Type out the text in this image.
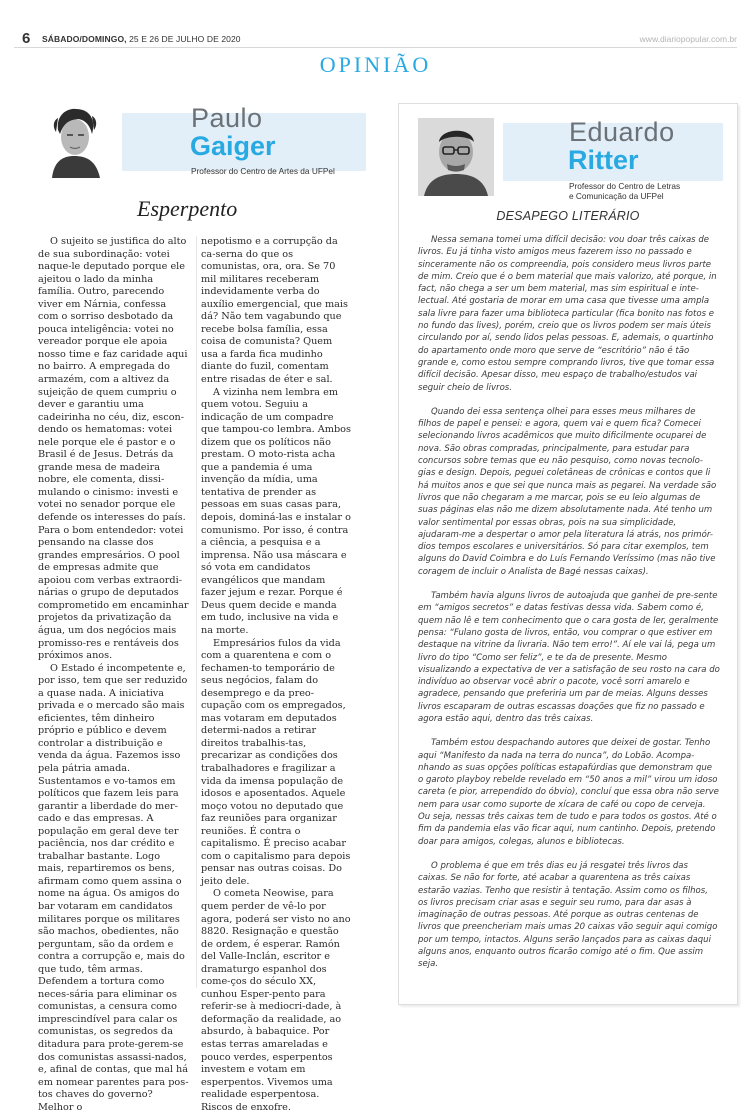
6 SÁBADO/DOMINGO, 25 E 26 DE JULHO DE 2020	www.diariopopular.com.br
OPINIÃO
Paulo
Gaiger
Professor do Centro de Artes da UFPel
Esperpento

O sujeito se justifica do alto de sua subordinação: votei naque-le deputado porque ele ajeitou o lado da minha família. Outro, parecendo viver em Nárnia, confessa com o sorriso desbotado da pouca inteligência: votei no vereador porque ele apoia nosso time e faz caridade aqui no bairro. A empregada do armazém, com a altivez da sujeição de quem cumpriu o dever e garantiu uma cadeirinha no céu, diz, escon-dendo os hematomas: votei nele porque ele é pastor e o Brasil é de Jesus. Detrás da grande mesa de madeira nobre, ele comenta, dissi-mulando o cinismo: investi e votei no senador porque ele defende os interesses do país. Para o bom entendedor: votei pensando na classe dos grandes empresários. O pool de empresas admite que apoiou com verbas extraordi-nárias o grupo de deputados comprometido em encaminhar projetos da privatização da água, um dos negócios mais promisso-res e rentáveis dos próximos anos.

O Estado é incompetente e, por isso, tem que ser reduzido a quase nada. A iniciativa privada e o mercado são mais eficientes, têm dinheiro próprio e público e devem controlar a distribuição e venda da água. Fazemos isso pela pátria amada. Sustentamos e vo-tamos em políticos que fazem leis para garantir a liberdade do mer-cado e das empresas. A população em geral deve ter paciência, nos dar crédito e trabalhar bastante. Logo mais, repartiremos os bens, afirmam como quem assina o nome na água. Os amigos do bar votaram em candidatos militares porque os militares são machos, obedientes, não perguntam, são da ordem e contra a corrupção e, mais do que tudo, têm armas. Defendem a tortura como neces-sária para eliminar os comunistas, a censura como imprescindível para calar os comunistas, os segredos da ditadura para prote-gerem-se dos comunistas assassi-nados, e, afinal de contas, que mal há em nomear parentes para pos-tos chaves do governo? Melhor o

nepotismo e a corrupção da ca-serna do que os comunistas, ora, ora. Se 70 mil militares receberam indevidamente verba do auxílio emergencial, que mais dá? Não tem vagabundo que recebe bolsa família, essa coisa de comunista? Quem usa a farda fica mudinho diante do fuzil, comentam entre risadas de éter e sal.

A vizinha nem lembra em quem votou. Seguiu a indicação de um compadre que tampou-co lembra. Ambos dizem que os políticos não prestam. O moto-rista acha que a pandemia é uma invenção da mídia, uma tentativa de prender as pessoas em suas casas para, depois, dominá-las e instalar o comunismo. Por isso, é contra a ciência, a pesquisa e a imprensa. Não usa máscara e só vota em candidatos evangélicos que mandam fazer jejum e rezar. Porque é Deus quem decide e manda em tudo, inclusive na vida e na morte.

Empresários fulos da vida com a quarentena e com o fechamen-to temporário de seus negócios, falam do desemprego e da preo-cupação com os empregados, mas votaram em deputados determi-nados a retirar direitos trabalhis-tas, precarizar as condições dos trabalhadores e fragilizar a vida da imensa população de idosos e aposentados. Aquele moço votou no deputado que faz reuniões para organizar reuniões. É contra o capitalismo. É preciso acabar com o capitalismo para depois pensar nas outras coisas. Do jeito dele.

O cometa Neowise, para quem perder de vê-lo por agora, poderá ser visto no ano 8820. Resignação e questão de ordem, é esperar. Ramón del Valle-Inclán, escritor e dramaturgo espanhol dos come-ços do século XX, cunhou Esper-pento para referir-se à mediocri-dade, à deformação da realidade, ao absurdo, à babaquice. Por estas terras amareladas e pouco verdes, esperpentos investem e votam em esperpentos. Vivemos uma realidade esperpentosa. Riscos de enxofre.

Eduardo
Ritter
Professor do Centro de Letras
e Comunicação da UFPel
DESAPEGO LITERÁRIO

Nessa semana tomei uma difícil decisão: vou doar três caixas de livros. Eu já tinha visto amigos meus fazerem isso no passado e sinceramente não os compreendia, pois considero meus livros parte de mim. Creio que é o bem material que mais valorizo, até porque, in fact, não chega a ser um bem material, mas sim espiritual e inte-lectual. Até gostaria de morar em uma casa que tivesse uma ampla sala livre para fazer uma biblioteca particular (fica bonito nas fotos e no fundo das lives), porém, creio que os livros podem ser mais úteis circulando por aí, sendo lidos pelas pessoas. E, ademais, o quartinho do apartamento onde moro que serve de “escritório” não é tão grande e, como estou sempre comprando livros, tive que tomar essa difícil decisão. Apesar disso, meu espaço de trabalho/estudos vai seguir cheio de livros.

Quando dei essa sentença olhei para esses meus milhares de filhos de papel e pensei: e agora, quem vai e quem fica? Comecei selecionando livros acadêmicos que muito dificilmente ocuparei de nova. São obras compradas, principalmente, para estudar para concursos sobre temas que eu não pesquiso, como novas tecnolo-gias e design. Depois, peguei coletâneas de crônicas e contos que li há muitos anos e que sei que nunca mais as pegarei. Na verdade são livros que não chegaram a me marcar, pois se eu leio algumas de suas páginas elas não me dizem absolutamente nada. Até tenho um valor sentimental por essas obras, pois na sua simplicidade, ajudaram-me a despertar o amor pela literatura lá atrás, nos primór-dios tempos escolares e universitários. Só para citar exemplos, tem alguns do David Coimbra e do Luís Fernando Veríssimo (mas não tive coragem de incluir o Analista de Bagé nessas caixas).

Também havia alguns livros de autoajuda que ganhei de pre-sente em “amigos secretos” e datas festivas dessa vida. Sabem como é, quem não lê e tem conhecimento que o cara gosta de ler, geralmente pensa: “Fulano gosta de livros, então, vou comprar o que estiver em destaque na vitrine da livraria. Não tem erro!”. Aí ele vai lá, pega um livro do tipo “Como ser feliz”, e te da de presente. Mesmo visualizando a expectativa de ver a satisfação de seu rosto na cara do indivíduo ao observar você abrir o pacote, você sorri amarelo e agradece, pensando que preferiria um par de meias. Alguns desses livros escaparam de outras escassas doações que fiz no passado e agora estão aqui, dentro das três caixas.

Também estou despachando autores que deixei de gostar. Tenho aqui “Manifesto da nada na terra do nunca”, do Lobão. Acompa-nhando as suas opções políticas estapafúrdias que demonstram que o garoto playboy rebelde revelado em “50 anos a mil” virou um idoso careta (e pior, arrependido do óbvio), concluí que essa obra não serve nem para usar como suporte de xícara de café ou copo de cerveja. Ou seja, nessas três caixas tem de tudo e para todos os gostos. Até o fim da pandemia elas vão ficar aqui, num cantinho. Depois, pretendo doar para amigos, colegas, alunos e bibliotecas.

O problema é que em três dias eu já resgatei três livros das caixas. Se não for forte, até acabar a quarentena as três caixas estarão vazias. Tenho que resistir à tentação. Assim como os filhos, os livros precisam criar asas e seguir seu rumo, para dar asas à imaginação de outras pessoas. Até porque as outras centenas de livros que preencheriam mais umas 20 caixas vão seguir aqui comigo por um tempo, intactos. Alguns serão lançados para as caixas daqui alguns anos, enquanto outros ficarão comigo até o fim. Que assim seja.
